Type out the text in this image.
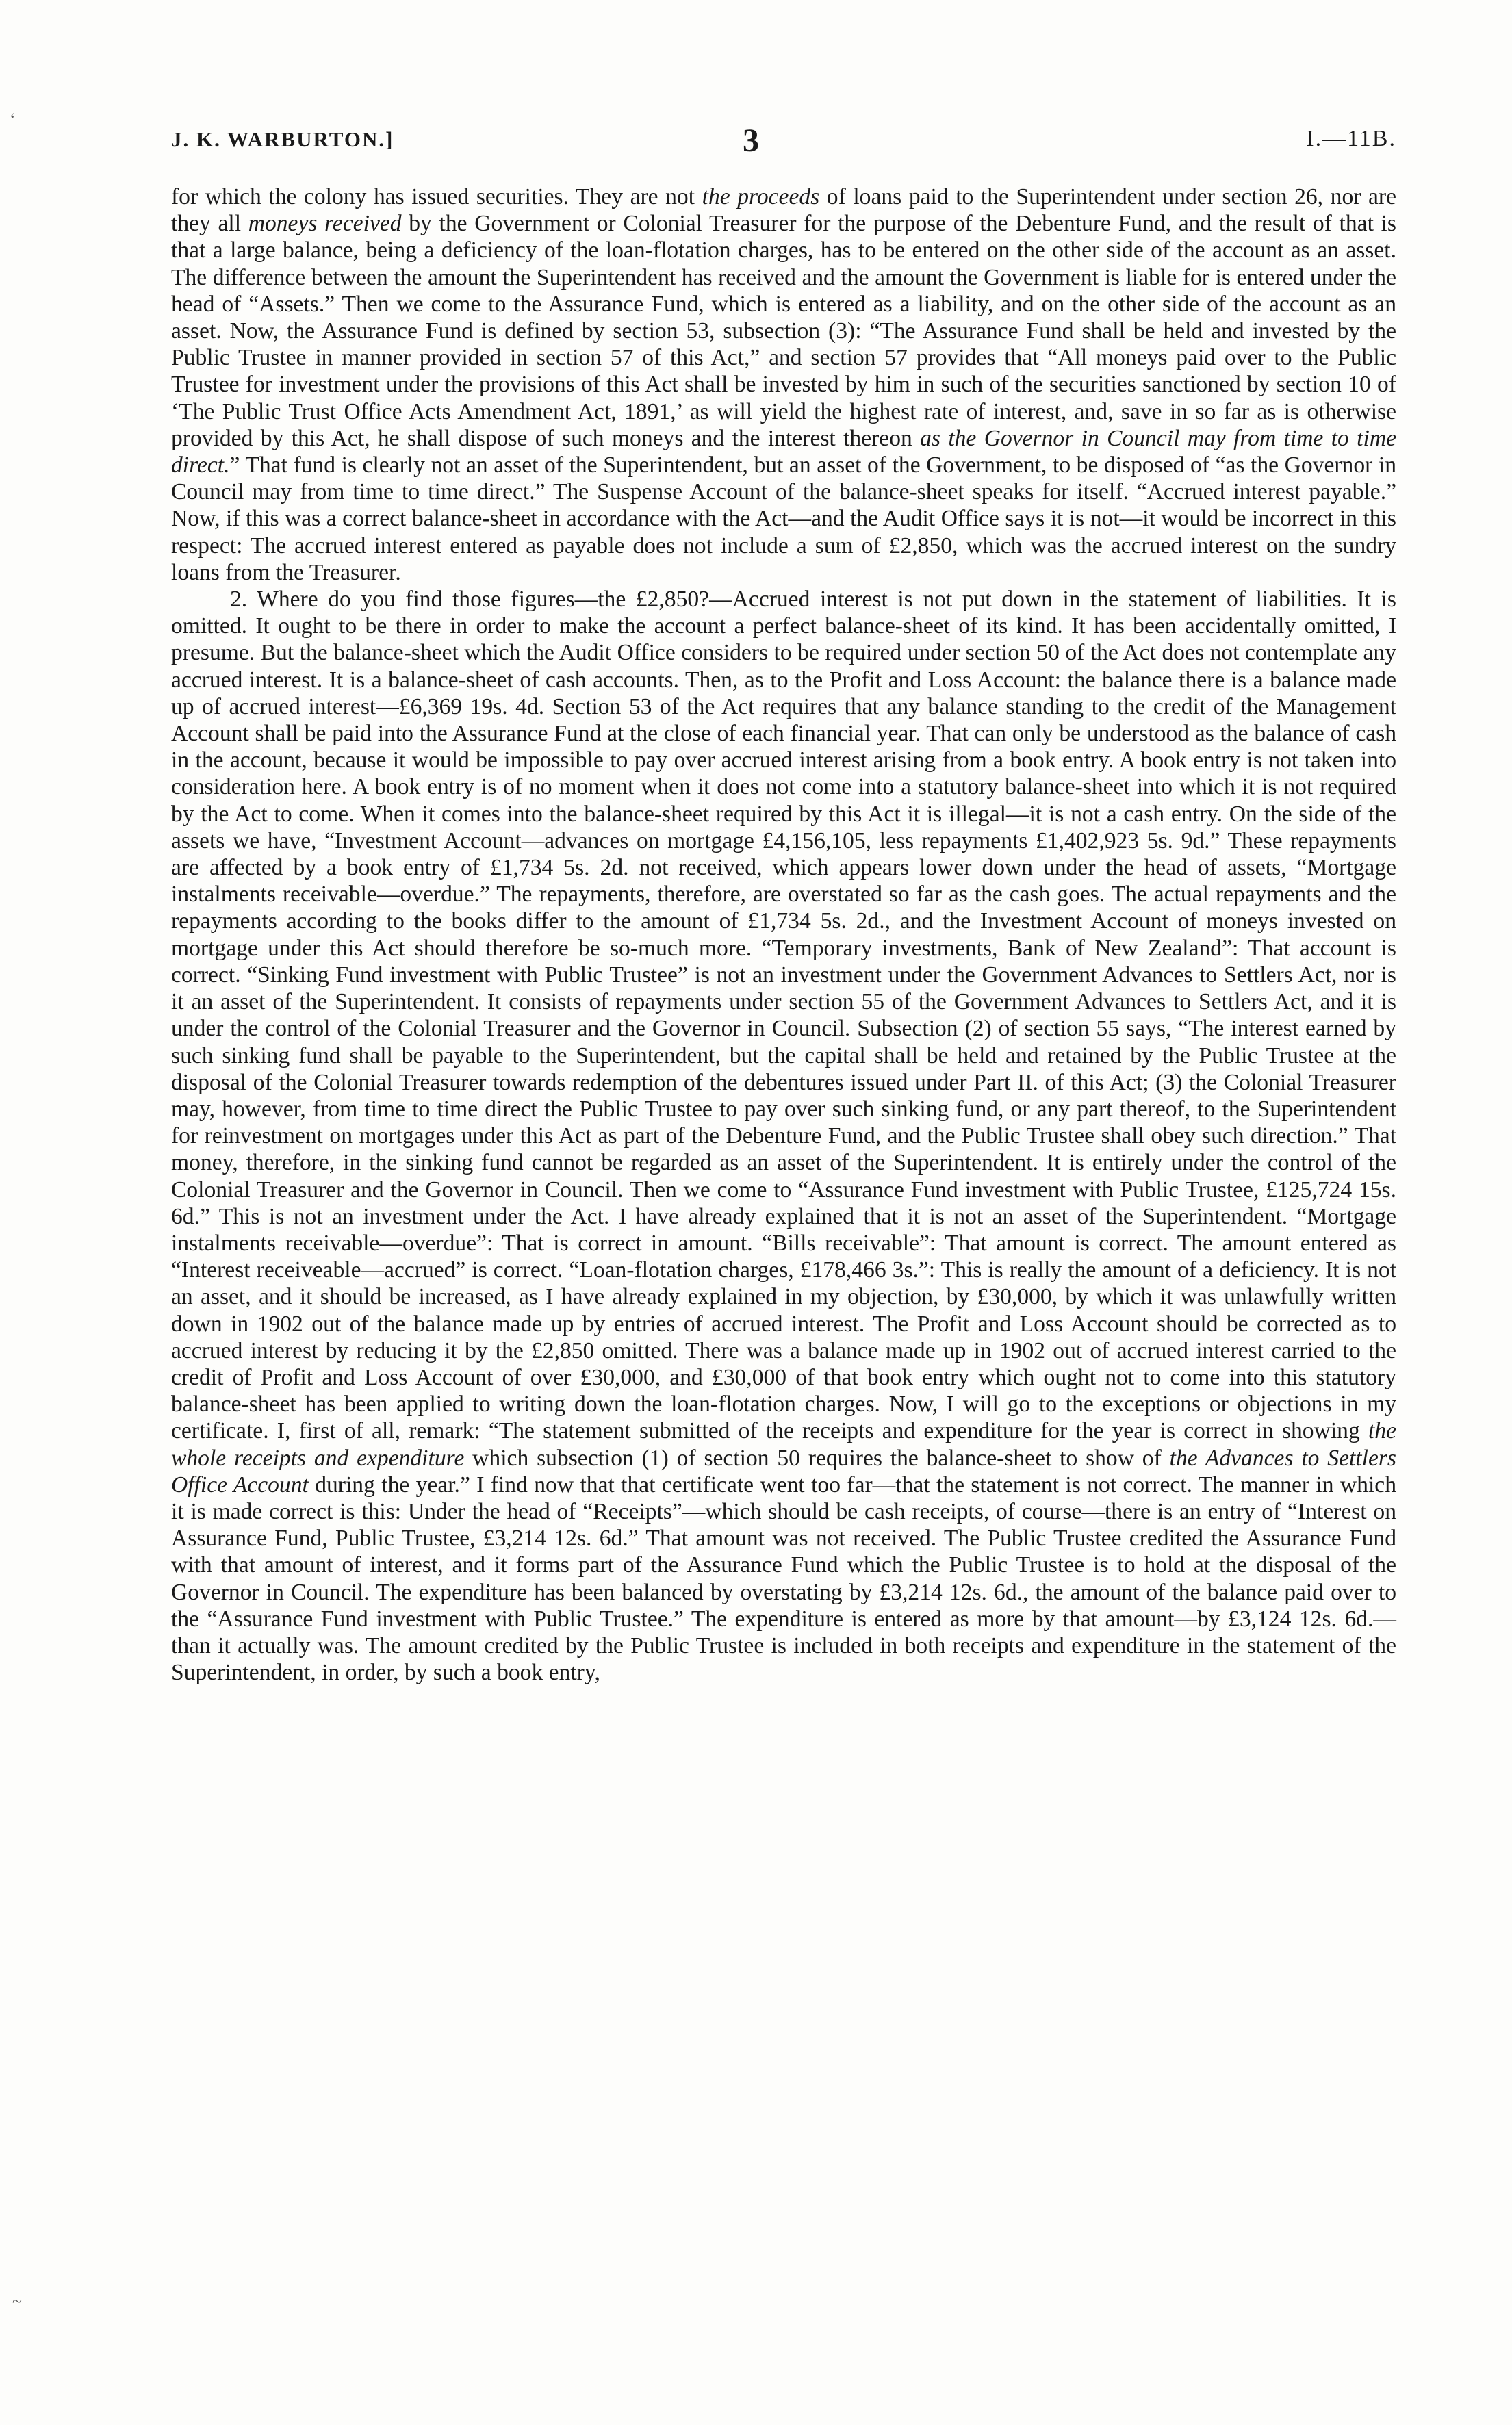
ʻ
~
J. K. WARBURTON.]	3	I.—11B.

for which the colony has issued securities. They are not the proceeds of loans paid to the Superintendent under section 26, nor are they all moneys received by the Government or Colonial Treasurer for the purpose of the Debenture Fund, and the result of that is that a large balance, being a deficiency of the loan-flotation charges, has to be entered on the other side of the account as an asset. The difference between the amount the Superintendent has received and the amount the Government is liable for is entered under the head of “Assets.” Then we come to the Assurance Fund, which is entered as a liability, and on the other side of the account as an asset. Now, the Assurance Fund is defined by section 53, subsection (3): “The Assurance Fund shall be held and invested by the Public Trustee in manner provided in section 57 of this Act,” and section 57 provides that “All moneys paid over to the Public Trustee for investment under the provisions of this Act shall be invested by him in such of the securities sanctioned by section 10 of ‘The Public Trust Office Acts Amendment Act, 1891,’ as will yield the highest rate of interest, and, save in so far as is otherwise provided by this Act, he shall dispose of such moneys and the interest thereon as the Governor in Council may from time to time direct.” That fund is clearly not an asset of the Superintendent, but an asset of the Government, to be disposed of “as the Governor in Council may from time to time direct.” The Suspense Account of the balance-sheet speaks for itself. “Accrued interest payable.” Now, if this was a correct balance-sheet in accordance with the Act—and the Audit Office says it is not—it would be incorrect in this respect: The accrued interest entered as payable does not include a sum of £2,850, which was the accrued interest on the sundry loans from the Treasurer.

2. Where do you find those figures—the £2,850?—Accrued interest is not put down in the statement of liabilities. It is omitted. It ought to be there in order to make the account a perfect balance-sheet of its kind. It has been accidentally omitted, I presume. But the balance-sheet which the Audit Office considers to be required under section 50 of the Act does not contemplate any accrued interest. It is a balance-sheet of cash accounts. Then, as to the Profit and Loss Account: the balance there is a balance made up of accrued interest—£6,369 19s. 4d. Section 53 of the Act requires that any balance standing to the credit of the Management Account shall be paid into the Assurance Fund at the close of each financial year. That can only be understood as the balance of cash in the account, because it would be impossible to pay over accrued interest arising from a book entry. A book entry is not taken into consideration here. A book entry is of no moment when it does not come into a statutory balance-sheet into which it is not required by the Act to come. When it comes into the balance-sheet required by this Act it is illegal—it is not a cash entry. On the side of the assets we have, “Investment Account—advances on mortgage £4,156,105, less repayments £1,402,923 5s. 9d.” These repayments are affected by a book entry of £1,734 5s. 2d. not received, which appears lower down under the head of assets, “Mortgage instalments receivable—overdue.” The repayments, therefore, are overstated so far as the cash goes. The actual repayments and the repayments according to the books differ to the amount of £1,734 5s. 2d., and the Investment Account of moneys invested on mortgage under this Act should therefore be so-much more. “Temporary investments, Bank of New Zealand”: That account is correct. “Sinking Fund investment with Public Trustee” is not an investment under the Government Advances to Settlers Act, nor is it an asset of the Superintendent. It consists of repayments under section 55 of the Government Advances to Settlers Act, and it is under the control of the Colonial Treasurer and the Governor in Council. Subsection (2) of section 55 says, “The interest earned by such sinking fund shall be payable to the Superintendent, but the capital shall be held and retained by the Public Trustee at the disposal of the Colonial Treasurer towards redemption of the debentures issued under Part II. of this Act; (3) the Colonial Treasurer may, however, from time to time direct the Public Trustee to pay over such sinking fund, or any part thereof, to the Superintendent for reinvestment on mortgages under this Act as part of the Debenture Fund, and the Public Trustee shall obey such direction.” That money, therefore, in the sinking fund cannot be regarded as an asset of the Superintendent. It is entirely under the control of the Colonial Treasurer and the Governor in Council. Then we come to “Assurance Fund investment with Public Trustee, £125,724 15s. 6d.” This is not an investment under the Act. I have already explained that it is not an asset of the Superintendent. “Mortgage instalments receivable—overdue”: That is correct in amount. “Bills receivable”: That amount is correct. The amount entered as “Interest receiveable—accrued” is correct. “Loan-flotation charges, £178,466 3s.”: This is really the amount of a deficiency. It is not an asset, and it should be increased, as I have already explained in my objection, by £30,000, by which it was unlawfully written down in 1902 out of the balance made up by entries of accrued interest. The Profit and Loss Account should be corrected as to accrued interest by reducing it by the £2,850 omitted. There was a balance made up in 1902 out of accrued interest carried to the credit of Profit and Loss Account of over £30,000, and £30,000 of that book entry which ought not to come into this statutory balance-sheet has been applied to writing down the loan-flotation charges. Now, I will go to the exceptions or objections in my certificate. I, first of all, remark: “The statement submitted of the receipts and expenditure for the year is correct in showing the whole receipts and expenditure which subsection (1) of section 50 requires the balance-sheet to show of the Advances to Settlers Office Account during the year.” I find now that that certificate went too far—that the statement is not correct. The manner in which it is made correct is this: Under the head of “Receipts”—which should be cash receipts, of course—there is an entry of “Interest on Assurance Fund, Public Trustee, £3,214 12s. 6d.” That amount was not received. The Public Trustee credited the Assurance Fund with that amount of interest, and it forms part of the Assurance Fund which the Public Trustee is to hold at the disposal of the Governor in Council. The expenditure has been balanced by overstating by £3,214 12s. 6d., the amount of the balance paid over to the “Assurance Fund investment with Public Trustee.” The expenditure is entered as more by that amount—by £3,124 12s. 6d.—than it actually was. The amount credited by the Public Trustee is included in both receipts and expenditure in the statement of the Superintendent, in order, by such a book entry,
